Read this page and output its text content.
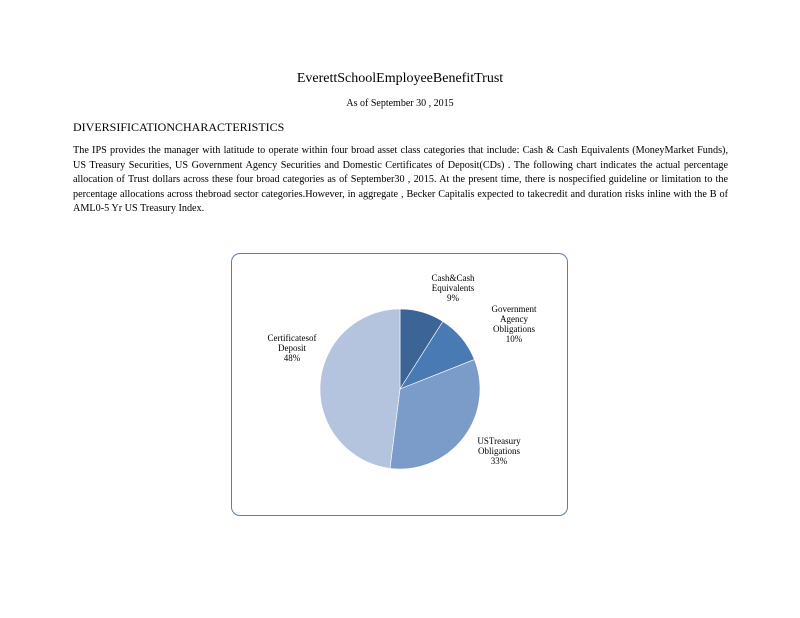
EverettSchoolEmployeeBenefitTrust
As of September 30 , 2015
DIVERSIFICATIONCHARACTERISTICS
The IPS provides the manager with latitude to operate within four broad asset class categories that include: Cash & Cash Equivalents (MoneyMarket Funds), US Treasury Securities, US Government Agency Securities and Domestic Certificates of Deposit(CDs) . The following chart indicates the actual percentage allocation of Trust dollars across these four broad categories as of September30 , 2015. At the present time, there is nospecified guideline or limitation to the percentage allocations across thebroad sector categories.However, in aggregate , Becker Capitalis expected to takecredit and duration risks inline with the B of AML0-5 Yr US Treasury Index.
Cash&Cash Equivalents 9%
Government Agency Obligations 10%
USTreasury Obligations 33%
Certificatesof Deposit 48%
